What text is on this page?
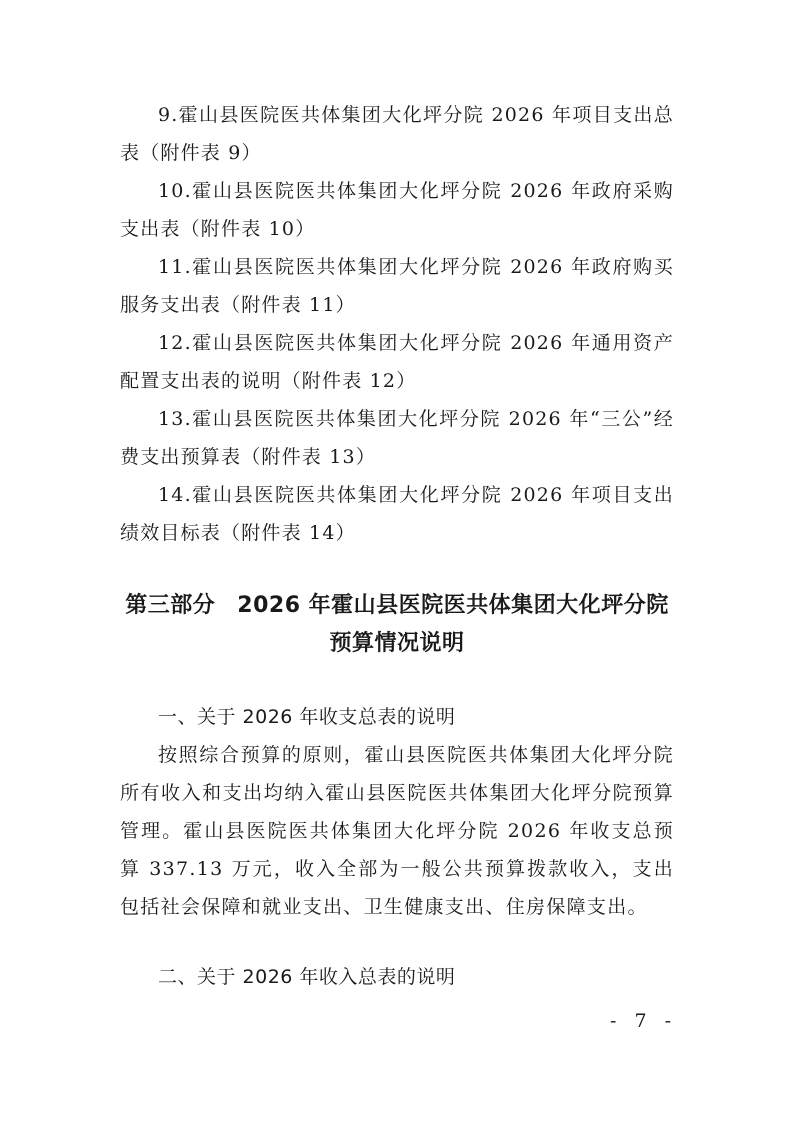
9.霍山县医院医共体集团大化坪分院 2026 年项目支出总表（附件表 9）

10.霍山县医院医共体集团大化坪分院 2026 年政府采购支出表（附件表 10）

11.霍山县医院医共体集团大化坪分院 2026 年政府购买服务支出表（附件表 11）

12.霍山县医院医共体集团大化坪分院 2026 年通用资产配置支出表的说明（附件表 12）

13.霍山县医院医共体集团大化坪分院 2026 年“三公”经费支出预算表（附件表 13）

14.霍山县医院医共体集团大化坪分院 2026 年项目支出绩效目标表（附件表 14）

第三部分 2026 年霍山县医院医共体集团大化坪分院预算情况说明

一、关于 2026 年收支总表的说明

按照综合预算的原则，霍山县医院医共体集团大化坪分院所有收入和支出均纳入霍山县医院医共体集团大化坪分院预算管理。霍山县医院医共体集团大化坪分院 2026 年收支总预算 337.13 万元，收入全部为一般公共预算拨款收入，支出包括社会保障和就业支出、卫生健康支出、住房保障支出。

二、关于 2026 年收入总表的说明

- 7 -
